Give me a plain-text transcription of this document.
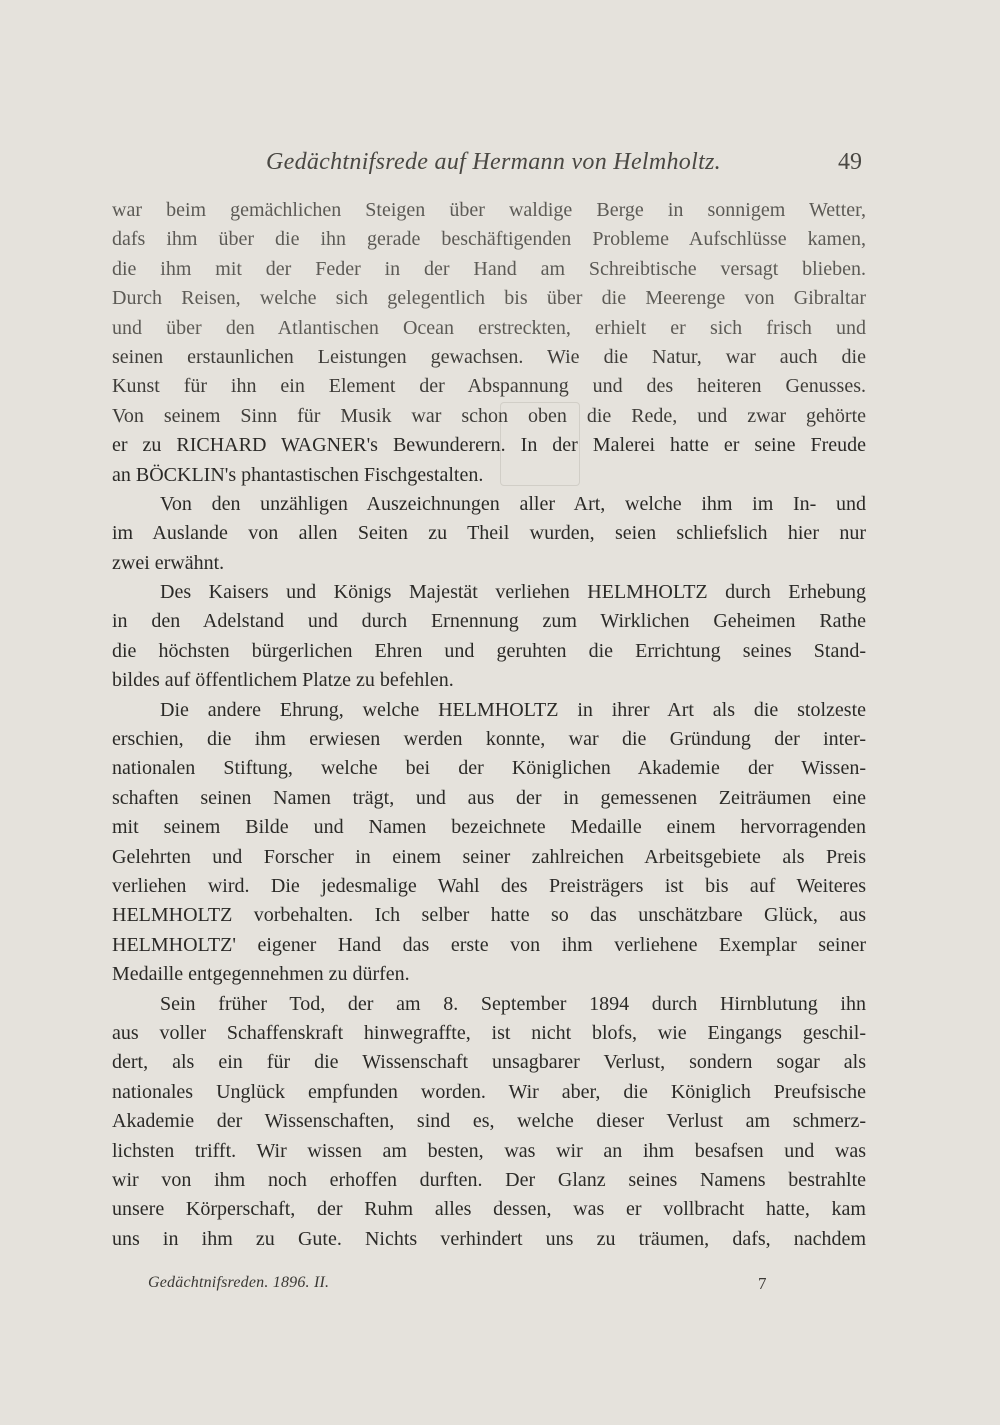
Gedächtnifsrede auf Hermann von Helmholtz.	49
war beim gemächlichen Steigen über waldige Berge in sonnigem Wetter,
dafs ihm über die ihn gerade beschäftigenden Probleme Aufschlüsse kamen,
die ihm mit der Feder in der Hand am Schreibtische versagt blieben.
Durch Reisen, welche sich gelegentlich bis über die Meerenge von Gibraltar
und über den Atlantischen Ocean erstreckten, erhielt er sich frisch und
seinen erstaunlichen Leistungen gewachsen. Wie die Natur, war auch die
Kunst für ihn ein Element der Abspannung und des heiteren Genusses.
Von seinem Sinn für Musik war schon oben die Rede, und zwar gehörte
er zu RICHARD WAGNER's Bewunderern. In der Malerei hatte er seine Freude
an BÖCKLIN's phantastischen Fischgestalten.
Von den unzähligen Auszeichnungen aller Art, welche ihm im In- und
im Auslande von allen Seiten zu Theil wurden, seien schliefslich hier nur
zwei erwähnt.
Des Kaisers und Königs Majestät verliehen HELMHOLTZ durch Erhebung
in den Adelstand und durch Ernennung zum Wirklichen Geheimen Rathe
die höchsten bürgerlichen Ehren und geruhten die Errichtung seines Stand-
bildes auf öffentlichem Platze zu befehlen.
Die andere Ehrung, welche HELMHOLTZ in ihrer Art als die stolzeste
erschien, die ihm erwiesen werden konnte, war die Gründung der inter-
nationalen Stiftung, welche bei der Königlichen Akademie der Wissen-
schaften seinen Namen trägt, und aus der in gemessenen Zeiträumen eine
mit seinem Bilde und Namen bezeichnete Medaille einem hervorragenden
Gelehrten und Forscher in einem seiner zahlreichen Arbeitsgebiete als Preis
verliehen wird. Die jedesmalige Wahl des Preisträgers ist bis auf Weiteres
HELMHOLTZ vorbehalten. Ich selber hatte so das unschätzbare Glück, aus
HELMHOLTZ' eigener Hand das erste von ihm verliehene Exemplar seiner
Medaille entgegennehmen zu dürfen.
Sein früher Tod, der am 8. September 1894 durch Hirnblutung ihn
aus voller Schaffenskraft hinwegraffte, ist nicht blofs, wie Eingangs geschil-
dert, als ein für die Wissenschaft unsagbarer Verlust, sondern sogar als
nationales Unglück empfunden worden. Wir aber, die Königlich Preufsische
Akademie der Wissenschaften, sind es, welche dieser Verlust am schmerz-
lichsten trifft. Wir wissen am besten, was wir an ihm besafsen und was
wir von ihm noch erhoffen durften. Der Glanz seines Namens bestrahlte
unsere Körperschaft, der Ruhm alles dessen, was er vollbracht hatte, kam
uns in ihm zu Gute. Nichts verhindert uns zu träumen, dafs, nachdem
Gedächtnifsreden. 1896. II.	7
